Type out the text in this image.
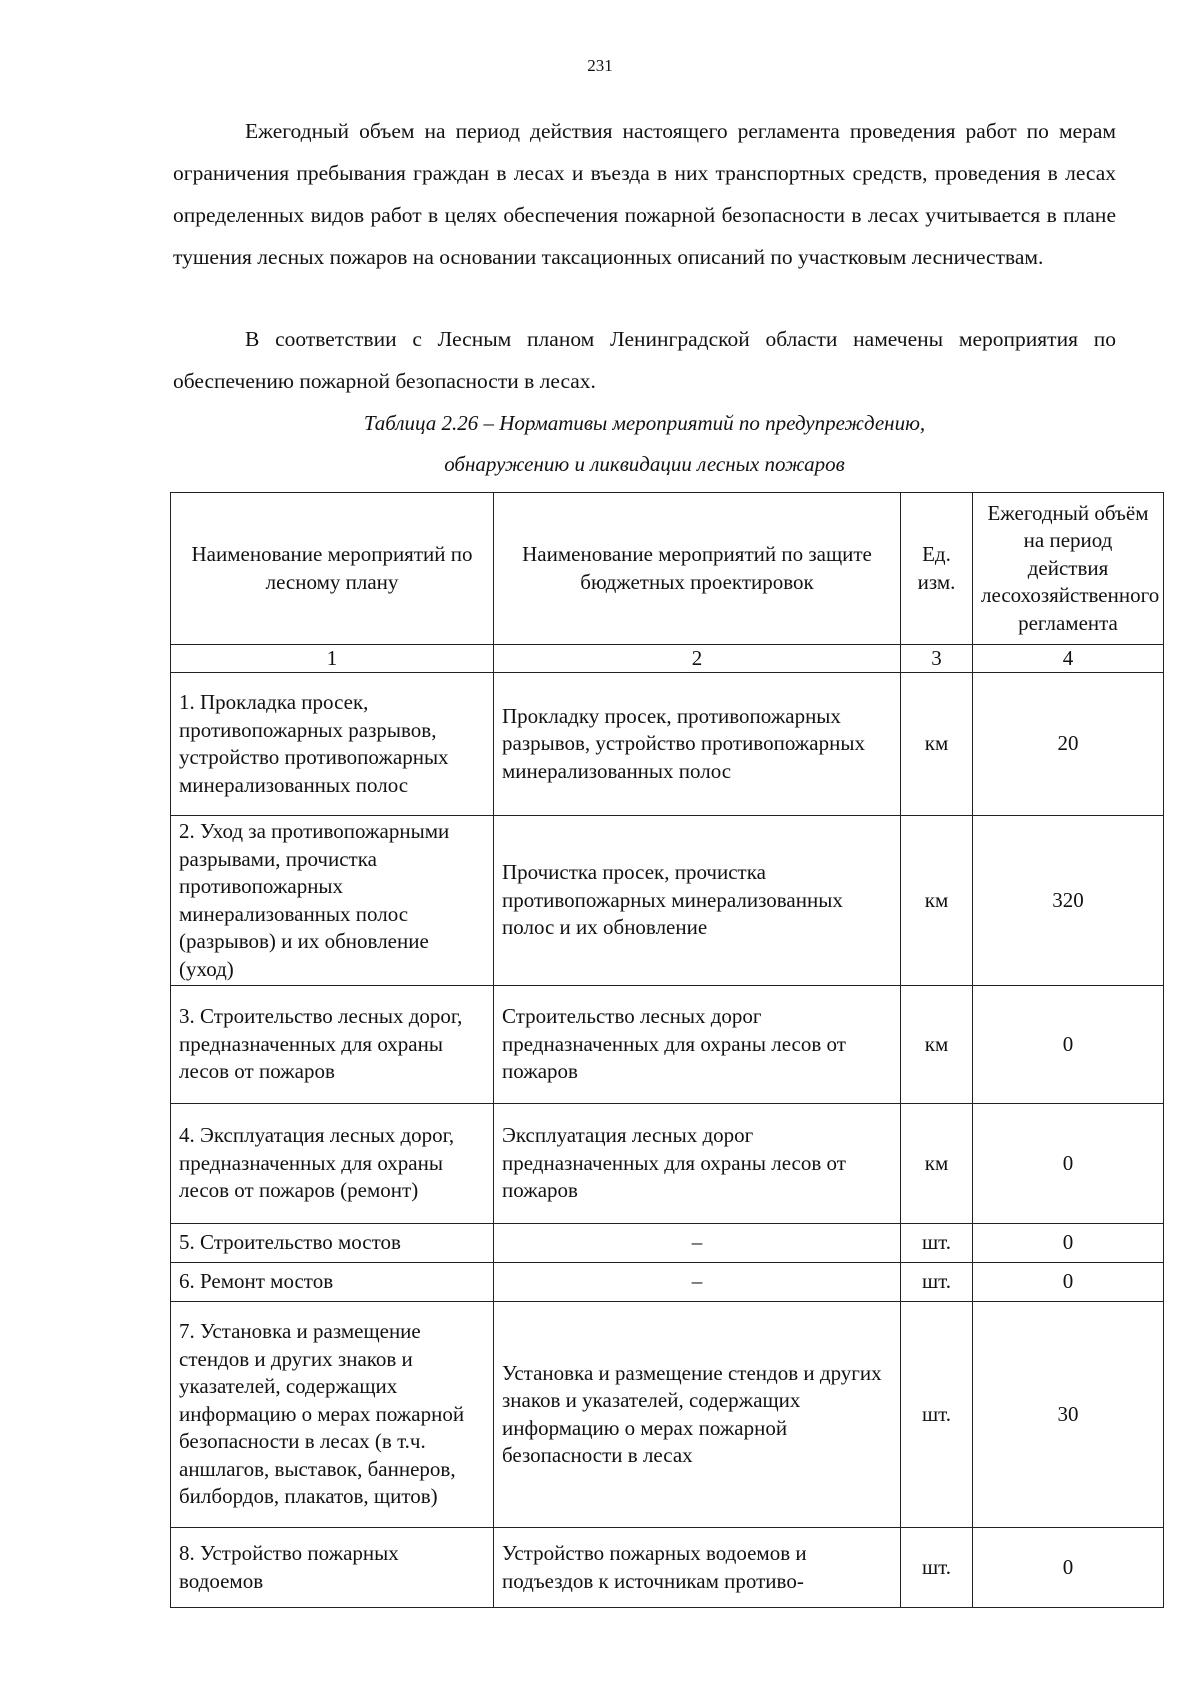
231

Ежегодный объем на период действия настоящего регламента проведения работ по мерам ограничения пребывания граждан в лесах и въезда в них транспортных средств, проведения в лесах определенных видов работ в целях обеспечения пожарной безопасности в лесах учитывается в плане тушения лесных пожаров на основании таксационных описаний по участковым лесничествам.

В соответствии с Лесным планом Ленинградской области намечены мероприятия по обеспечению пожарной безопасности в лесах.

Таблица 2.26 – Нормативы мероприятий по предупреждению,
обнаружению и ликвидации лесных пожаров
Наименование мероприятий по лесному плану	Наименование мероприятий по защите бюджетных проектировок	Ед. изм.	Ежегодный объём на период действия лесохозяйственного регламента
1	2	3	4
1. Прокладка просек, противопожарных разрывов, устройство противопожарных минерализованных полос	Прокладку просек, противопожарных разрывов, устройство противопожарных минерализованных полос	км	20
2. Уход за противопожарными разрывами, прочистка противопожарных минерализованных полос (разрывов) и их обновление (уход)	Прочистка просек, прочистка противопожарных минерализованных полос и их обновление	км	320
3. Строительство лесных дорог, предназначенных для охраны лесов от пожаров	Строительство лесных дорог предназначенных для охраны лесов от пожаров	км	0
4. Эксплуатация лесных дорог, предназначенных для охраны лесов от пожаров (ремонт)	Эксплуатация лесных дорог предназначенных для охраны лесов от пожаров	км	0
5. Строительство мостов	–	шт.	0
6. Ремонт мостов	–	шт.	0
7. Установка и размещение стендов и других знаков и указателей, содержащих информацию о мерах пожарной безопасности в лесах (в т.ч. аншлагов, выставок, баннеров, билбордов, плакатов, щитов)	Установка и размещение стендов и других знаков и указателей, содержащих информацию о мерах пожарной безопасности в лесах	шт.	30
8. Устройство пожарных водоемов	Устройство пожарных водоемов и подъездов к источникам противо-	шт.	0
